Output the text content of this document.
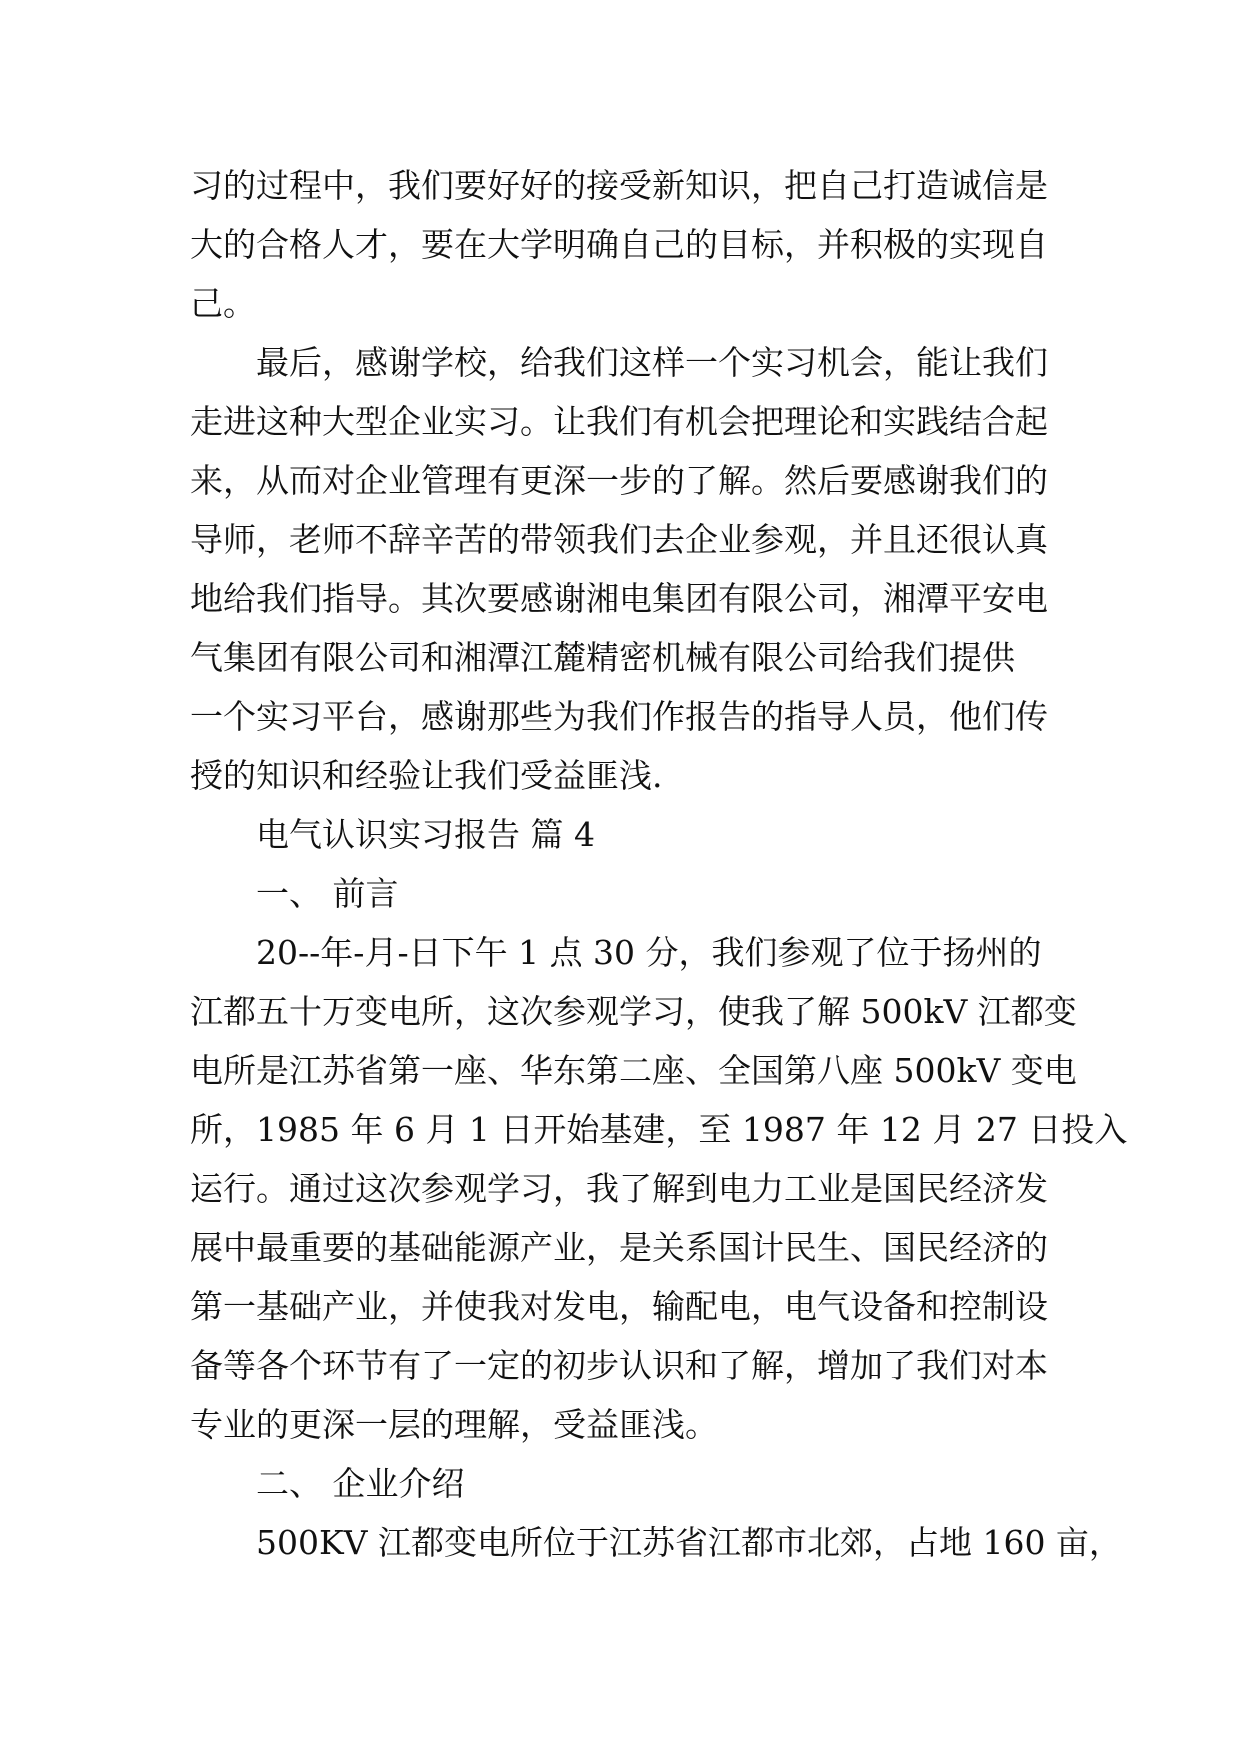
习的过程中，我们要好好的接受新知识，把自己打造诚信是
大的合格人才，要在大学明确自己的目标，并积极的实现自
己。
最后，感谢学校，给我们这样一个实习机会，能让我们
走进这种大型企业实习。让我们有机会把理论和实践结合起
来，从而对企业管理有更深一步的了解。然后要感谢我们的
导师，老师不辞辛苦的带领我们去企业参观，并且还很认真
地给我们指导。其次要感谢湘电集团有限公司，湘潭平安电
气集团有限公司和湘潭江麓精密机械有限公司给我们提供
一个实习平台，感谢那些为我们作报告的指导人员，他们传
授的知识和经验让我们受益匪浅.
电气认识实习报告 篇 4
一、 前言
20--年-月-日下午 1 点 30 分，我们参观了位于扬州的
江都五十万变电所，这次参观学习，使我了解 500kV 江都变
电所是江苏省第一座、华东第二座、全国第八座 500kV 变电
所，1985 年 6 月 1 日开始基建，至 1987 年 12 月 27 日投入
运行。通过这次参观学习，我了解到电力工业是国民经济发
展中最重要的基础能源产业，是关系国计民生、国民经济的
第一基础产业，并使我对发电，输配电，电气设备和控制设
备等各个环节有了一定的初步认识和了解，增加了我们对本
专业的更深一层的理解，受益匪浅。
二、 企业介绍
500KV 江都变电所位于江苏省江都市北郊，占地 160 亩，
